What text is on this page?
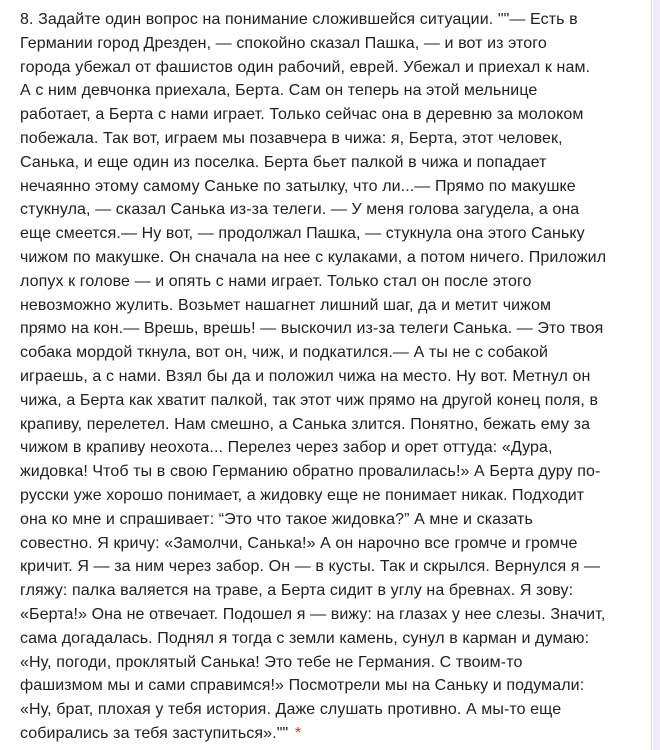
8. Задайте один вопрос на понимание сложившейся ситуации. ""— Есть в
Германии город Дрезден, — спокойно сказал Пашка, — и вот из этого
города убежал от фашистов один рабочий, еврей. Убежал и приехал к нам.
А с ним девчонка приехала, Берта. Сам он теперь на этой мельнице
работает, а Берта с нами играет. Только сейчас она в деревню за молоком
побежала. Так вот, играем мы позавчера в чижа: я, Берта, этот человек,
Санька, и еще один из поселка. Берта бьет палкой в чижа и попадает
нечаянно этому самому Саньке по затылку, что ли...— Прямо по макушке
стукнула, — сказал Санька из-за телеги. — У меня голова загудела, а она
еще смеется.— Ну вот, — продолжал Пашка, — стукнула она этого Саньку
чижом по макушке. Он сначала на нее с кулаками, а потом ничего. Приложил
лопух к голове — и опять с нами играет. Только стал он после этого
невозможно жулить. Возьмет нашагнет лишний шаг, да и метит чижом
прямо на кон.— Врешь, врешь! — выскочил из-за телеги Санька. — Это твоя
собака мордой ткнула, вот он, чиж, и подкатился.— А ты не с собакой
играешь, а с нами. Взял бы да и положил чижа на место. Ну вот. Метнул он
чижа, а Берта как хватит палкой, так этот чиж прямо на другой конец поля, в
крапиву, перелетел. Нам смешно, а Санька злится. Понятно, бежать ему за
чижом в крапиву неохота... Перелез через забор и орет оттуда: «Дура,
жидовка! Чтоб ты в свою Германию обратно провалилась!» А Берта дуру по-
русски уже хорошо понимает, а жидовку еще не понимает никак. Подходит
она ко мне и спрашивает: “Это что такое жидовка?” А мне и сказать
совестно. Я кричу: «Замолчи, Санька!» А он нарочно все громче и громче
кричит. Я — за ним через забор. Он — в кусты. Так и скрылся. Вернулся я —
гляжу: палка валяется на траве, а Берта сидит в углу на бревнах. Я зову:
«Берта!» Она не отвечает. Подошел я — вижу: на глазах у нее слезы. Значит,
сама догадалась. Поднял я тогда с земли камень, сунул в карман и думаю:
«Ну, погоди, проклятый Санька! Это тебе не Германия. С твоим-то
фашизмом мы и сами справимся!» Посмотрели мы на Саньку и подумали:
«Ну, брат, плохая у тебя история. Даже слушать противно. А мы-то еще
собирались за тебя заступиться»."" *
